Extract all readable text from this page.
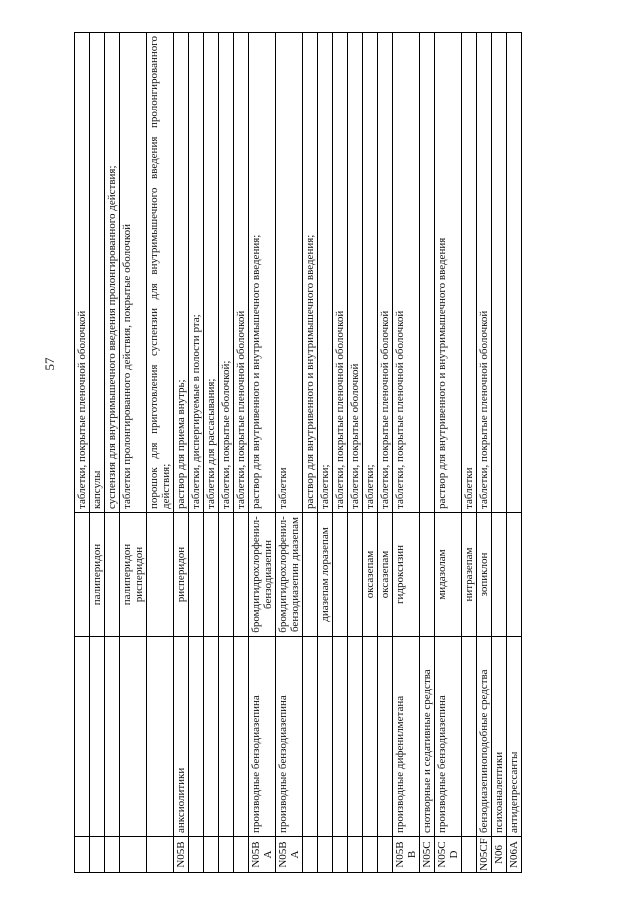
57
			таблетки, покрытые пленочной оболочкой
		палиперидон	капсулы
			суспензия для внутримышечного введения пролонгированного действия;
		палиперидон рисперидон	таблетки пролонгированного действия, покрытые оболочкой
			порошок для приготовления суспензии для внутримышечного введения пролонгированного действия;
N05B	анксиолитики	рисперидон	раствор для приема внутрь;
			таблетки, диспергируемые в полости рта;
			таблетки для рассасывания;
			таблетки, покрытые оболочкой;
			таблетки, покрытые пленочной оболочкой
N05BA	производные бензодиазепина	бромдигидрохлорфенил-бензодиазепин	раствор для внутривенного и внутримышечного введения;
N05BA	производные бензодиазепина	бромдигидрохлорфенил-бензодиазепин диазепам	таблетки
			раствор для внутривенного и внутримышечного введения;
		диазепам лоразепам	таблетки;
			таблетки, покрытые пленочной оболочкой
			таблетки, покрытые оболочкой
		оксазепам	таблетки;
		оксазепам	таблетки, покрытые пленочной оболочкой
N05BB	производные дифенилметана	гидроксизин	таблетки, покрытые пленочной оболочкой
N05C	снотворные и седативные средства		
N05CD	производные бензодиазепина	мидазолам	раствор для внутривенного и внутримышечного введения
		нитразепам	таблетки
N05CF	бензодиазепиноподобные средства	зопиклон	таблетки, покрытые пленочной оболочкой
N06	психоаналептики		
N06A	антидепрессанты		
